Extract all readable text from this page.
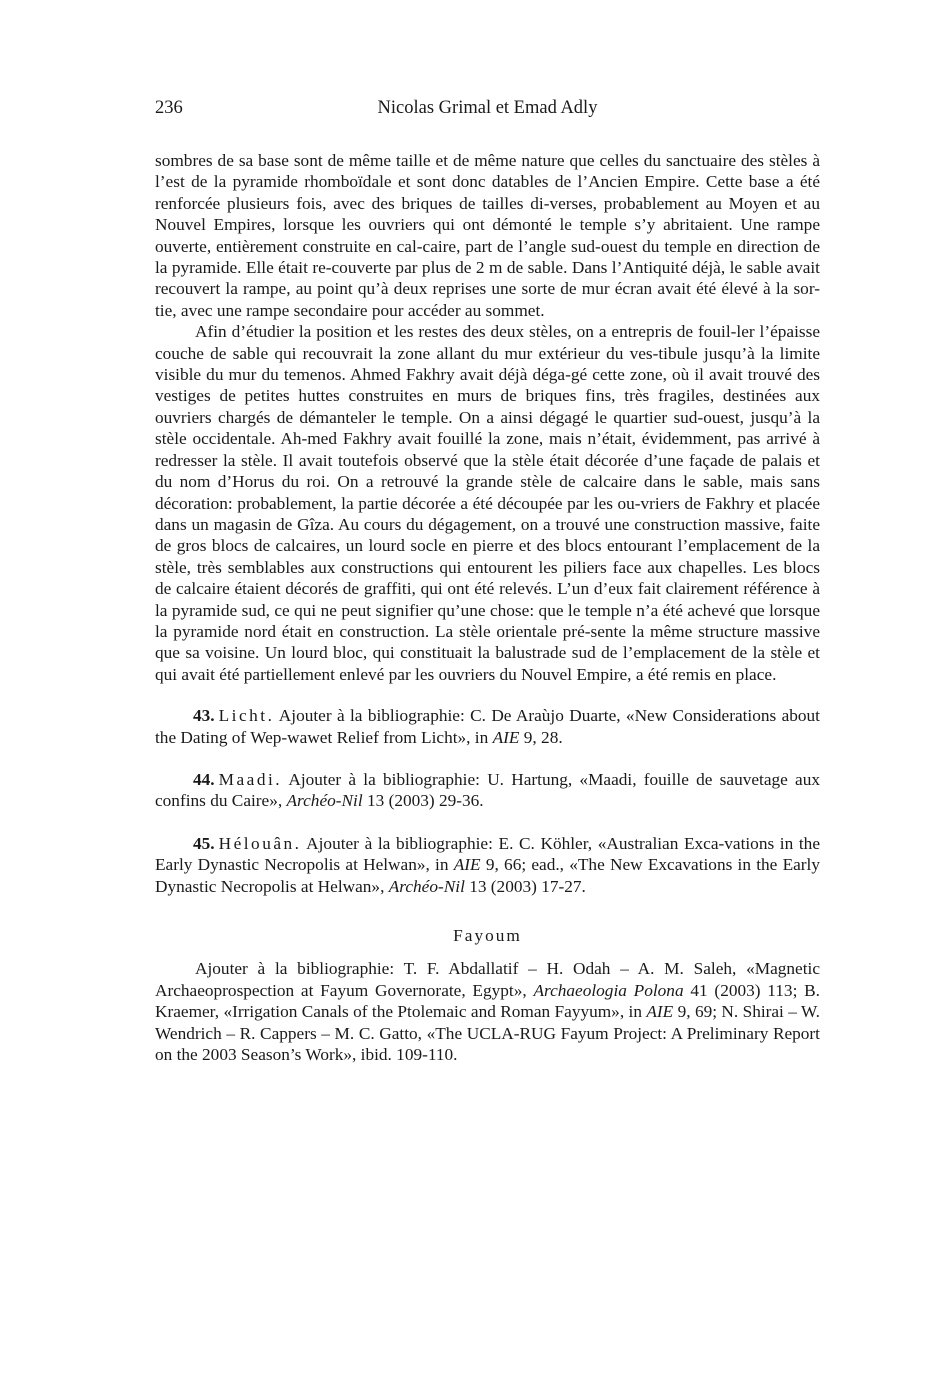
236	Nicolas Grimal et Emad Adly

sombres de sa base sont de même taille et de même nature que celles du sanctuaire des stèles à l’est de la pyramide rhomboïdale et sont donc datables de l’Ancien Empire. Cette base a été renforcée plusieurs fois, avec des briques de tailles di-verses, probablement au Moyen et au Nouvel Empires, lorsque les ouvriers qui ont démonté le temple s’y abritaient. Une rampe ouverte, entièrement construite en cal-caire, part de l’angle sud-ouest du temple en direction de la pyramide. Elle était re-couverte par plus de 2 m de sable. Dans l’Antiquité déjà, le sable avait recouvert la rampe, au point qu’à deux reprises une sorte de mur écran avait été élevé à la sor-tie, avec une rampe secondaire pour accéder au sommet.

Afin d’étudier la position et les restes des deux stèles, on a entrepris de fouil-ler l’épaisse couche de sable qui recouvrait la zone allant du mur extérieur du ves-tibule jusqu’à la limite visible du mur du temenos. Ahmed Fakhry avait déjà déga-gé cette zone, où il avait trouvé des vestiges de petites huttes construites en murs de briques fins, très fragiles, destinées aux ouvriers chargés de démanteler le temple. On a ainsi dégagé le quartier sud-ouest, jusqu’à la stèle occidentale. Ah-med Fakhry avait fouillé la zone, mais n’était, évidemment, pas arrivé à redresser la stèle. Il avait toutefois observé que la stèle était décorée d’une façade de palais et du nom d’Horus du roi. On a retrouvé la grande stèle de calcaire dans le sable, mais sans décoration: probablement, la partie décorée a été découpée par les ou-vriers de Fakhry et placée dans un magasin de Gîza. Au cours du dégagement, on a trouvé une construction massive, faite de gros blocs de calcaires, un lourd socle en pierre et des blocs entourant l’emplacement de la stèle, très semblables aux constructions qui entourent les piliers face aux chapelles. Les blocs de calcaire étaient décorés de graffiti, qui ont été relevés. L’un d’eux fait clairement référence à la pyramide sud, ce qui ne peut signifier qu’une chose: que le temple n’a été achevé que lorsque la pyramide nord était en construction. La stèle orientale pré-sente la même structure massive que sa voisine. Un lourd bloc, qui constituait la balustrade sud de l’emplacement de la stèle et qui avait été partiellement enlevé par les ouvriers du Nouvel Empire, a été remis en place.

43. Licht. Ajouter à la bibliographie: C. De Araùjo Duarte, «New Considerations about the Dating of Wep-wawet Relief from Licht», in AIE 9, 28.

44. Maadi. Ajouter à la bibliographie: U. Hartung, «Maadi, fouille de sauvetage aux confins du Caire», Archéo-Nil 13 (2003) 29-36.

45. Hélouân. Ajouter à la bibliographie: E. C. Köhler, «Australian Exca-vations in the Early Dynastic Necropolis at Helwan», in AIE 9, 66; ead., «The New Excavations in the Early Dynastic Necropolis at Helwan», Archéo-Nil 13 (2003) 17-27.

Fayoum

Ajouter à la bibliographie: T. F. Abdallatif – H. Odah – A. M. Saleh, «Magnetic Archaeoprospection at Fayum Governorate, Egypt», Archaeologia Polona 41 (2003) 113; B. Kraemer, «Irrigation Canals of the Ptolemaic and Roman Fayyum», in AIE 9, 69; N. Shirai – W. Wendrich – R. Cappers – M. C. Gatto, «The UCLA-RUG Fayum Project: A Preliminary Report on the 2003 Season’s Work», ibid. 109-110.
